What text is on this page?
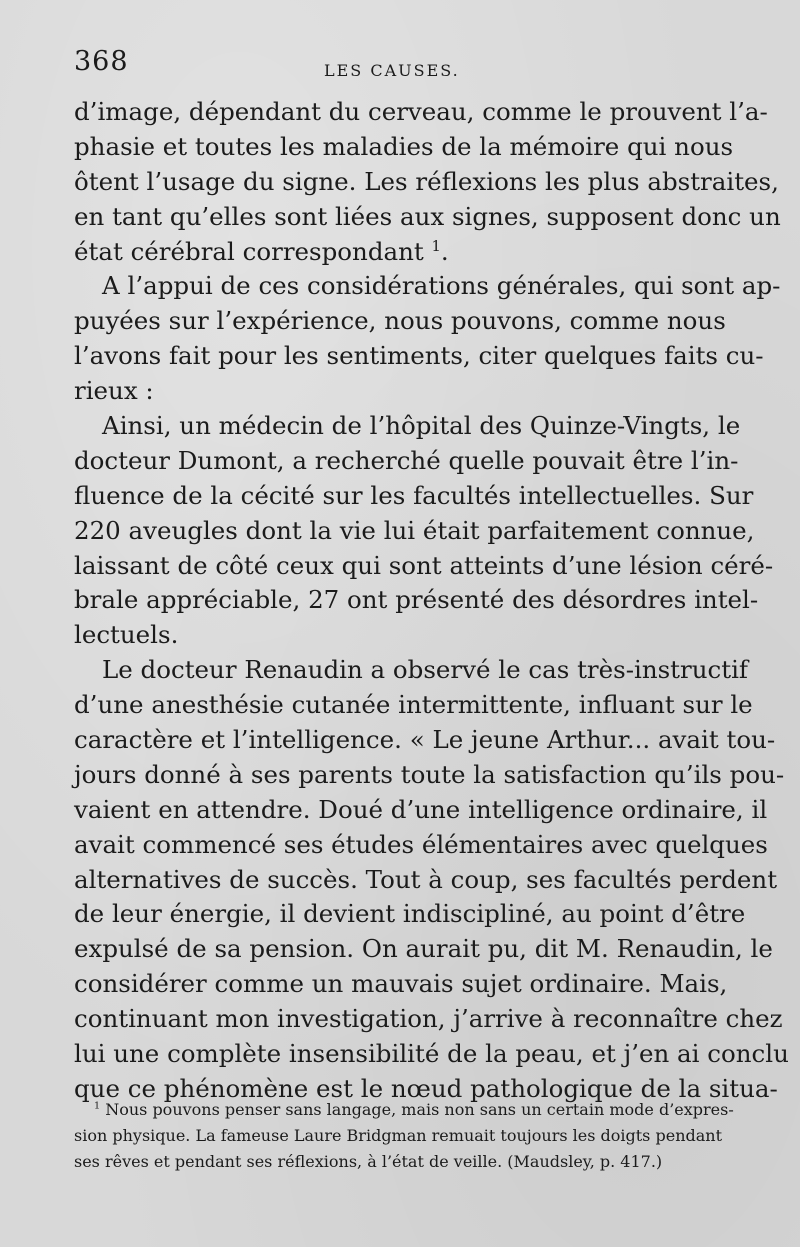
368	LES CAUSES.
d’image, dépendant du cerveau, comme le prouvent l’a-
phasie et toutes les maladies de la mémoire qui nous
ôtent l’usage du signe. Les réflexions les plus abstraites,
en tant qu’elles sont liées aux signes, supposent donc un
état cérébral correspondant $^1$.
A l’appui de ces considérations générales, qui sont ap-
puyées sur l’expérience, nous pouvons, comme nous
l’avons fait pour les sentiments, citer quelques faits cu-
rieux :
Ainsi, un médecin de l’hôpital des Quinze-Vingts, le
docteur Dumont, a recherché quelle pouvait être l’in-
fluence de la cécité sur les facultés intellectuelles. Sur
220 aveugles dont la vie lui était parfaitement connue,
laissant de côté ceux qui sont atteints d’une lésion céré-
brale appréciable, 27 ont présenté des désordres intel-
lectuels.
Le docteur Renaudin a observé le cas très-instructif
d’une anesthésie cutanée intermittente, influant sur le
caractère et l’intelligence. « Le jeune Arthur... avait tou-
jours donné à ses parents toute la satisfaction qu’ils pou-
vaient en attendre. Doué d’une intelligence ordinaire, il
avait commencé ses études élémentaires avec quelques
alternatives de succès. Tout à coup, ses facultés perdent
de leur énergie, il devient indiscipliné, au point d’être
expulsé de sa pension. On aurait pu, dit M. Renaudin, le
considérer comme un mauvais sujet ordinaire. Mais,
continuant mon investigation, j’arrive à reconnaître chez
lui une complète insensibilité de la peau, et j’en ai conclu
que ce phénomène est le nœud pathologique de la situa-
$^1$ Nous pouvons penser sans langage, mais non sans un certain mode d’expres-
sion physique. La fameuse Laure Bridgman remuait toujours les doigts pendant
ses rêves et pendant ses réflexions, à l’état de veille. (Maudsley, p. 417.)
